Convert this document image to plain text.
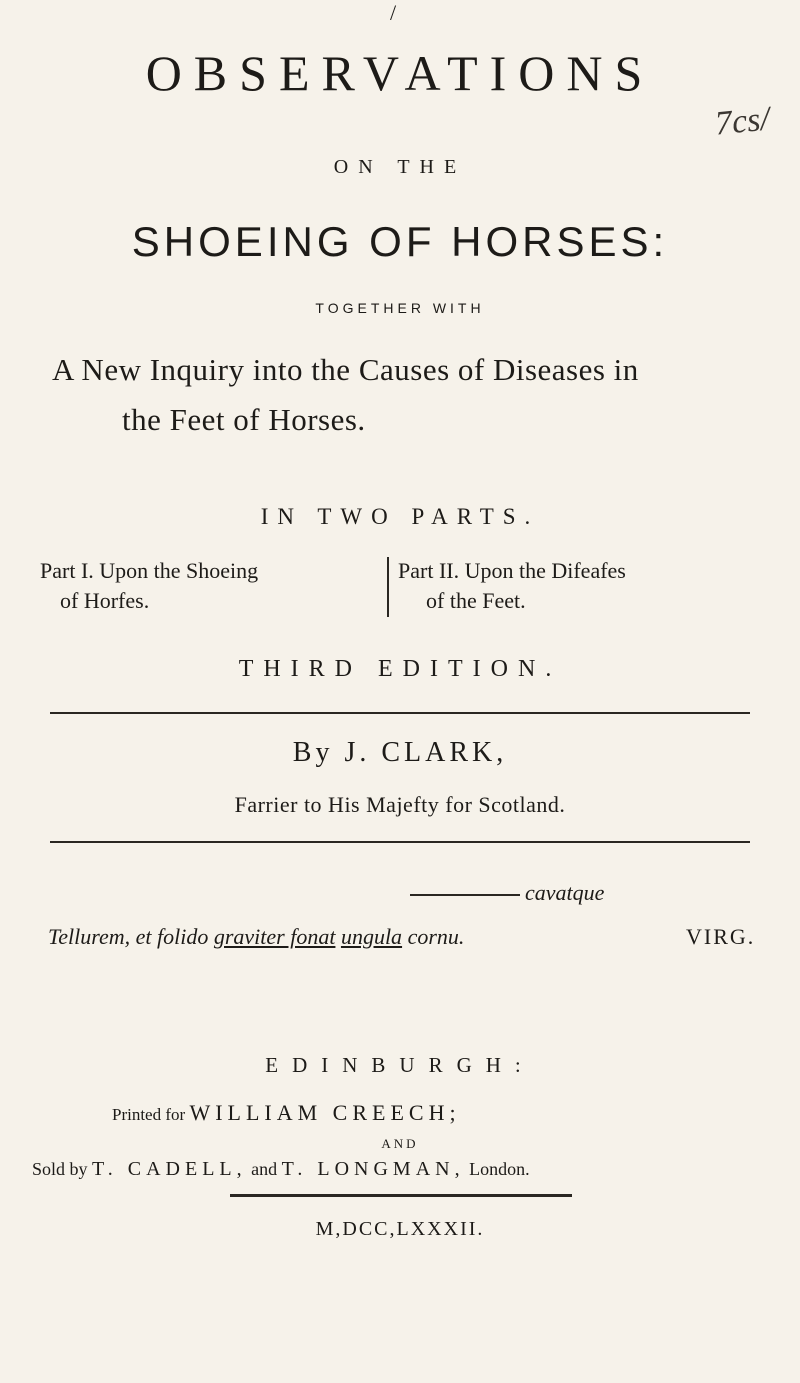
/
OBSERVATIONS
7cs/
ON THE
SHOEING OF HORSES:
TOGETHER WITH
A New Inquiry into the Causes of Diseases in
the Feet of Horses.
IN TWO PARTS.
Part I. Upon the Shoeing
of Horfes.
Part II. Upon the Difeafes
of the Feet.
THIRD EDITION.
By J. CLARK,
Farrier to His Majefty for Scotland.
cavatque
Tellurem, et folido graviter fonat ungula cornu.	VIRG.
EDINBURGH:
Printed for WILLIAM CREECH;
AND
Sold by T. CADELL, and T. LONGMAN, London.
M,DCC,LXXXII.
